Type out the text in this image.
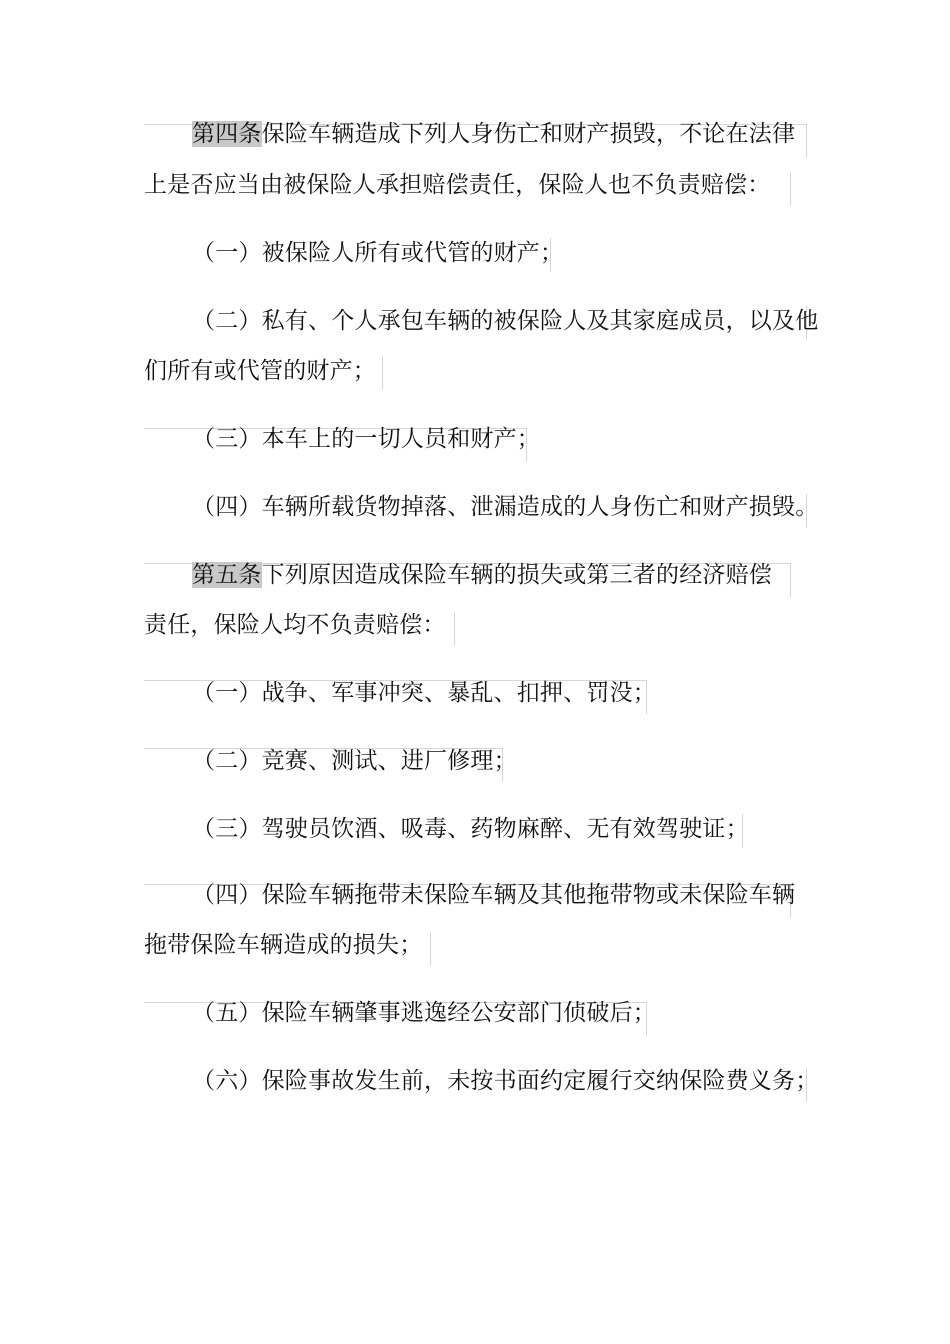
第四条保险车辆造成下列人身伤亡和财产损毁，不论在法律
上是否应当由被保险人承担赔偿责任，保险人也不负责赔偿：
（一）被保险人所有或代管的财产；
（二）私有、个人承包车辆的被保险人及其家庭成员，以及他
们所有或代管的财产；
（三）本车上的一切人员和财产；
（四）车辆所载货物掉落、泄漏造成的人身伤亡和财产损毁。
第五条下列原因造成保险车辆的损失或第三者的经济赔偿
责任，保险人均不负责赔偿：
（一）战争、军事冲突、暴乱、扣押、罚没；
（二）竞赛、测试、进厂修理；
（三）驾驶员饮酒、吸毒、药物麻醉、无有效驾驶证；
（四）保险车辆拖带未保险车辆及其他拖带物或未保险车辆
拖带保险车辆造成的损失；
（五）保险车辆肇事逃逸经公安部门侦破后；
（六）保险事故发生前，未按书面约定履行交纳保险费义务；
